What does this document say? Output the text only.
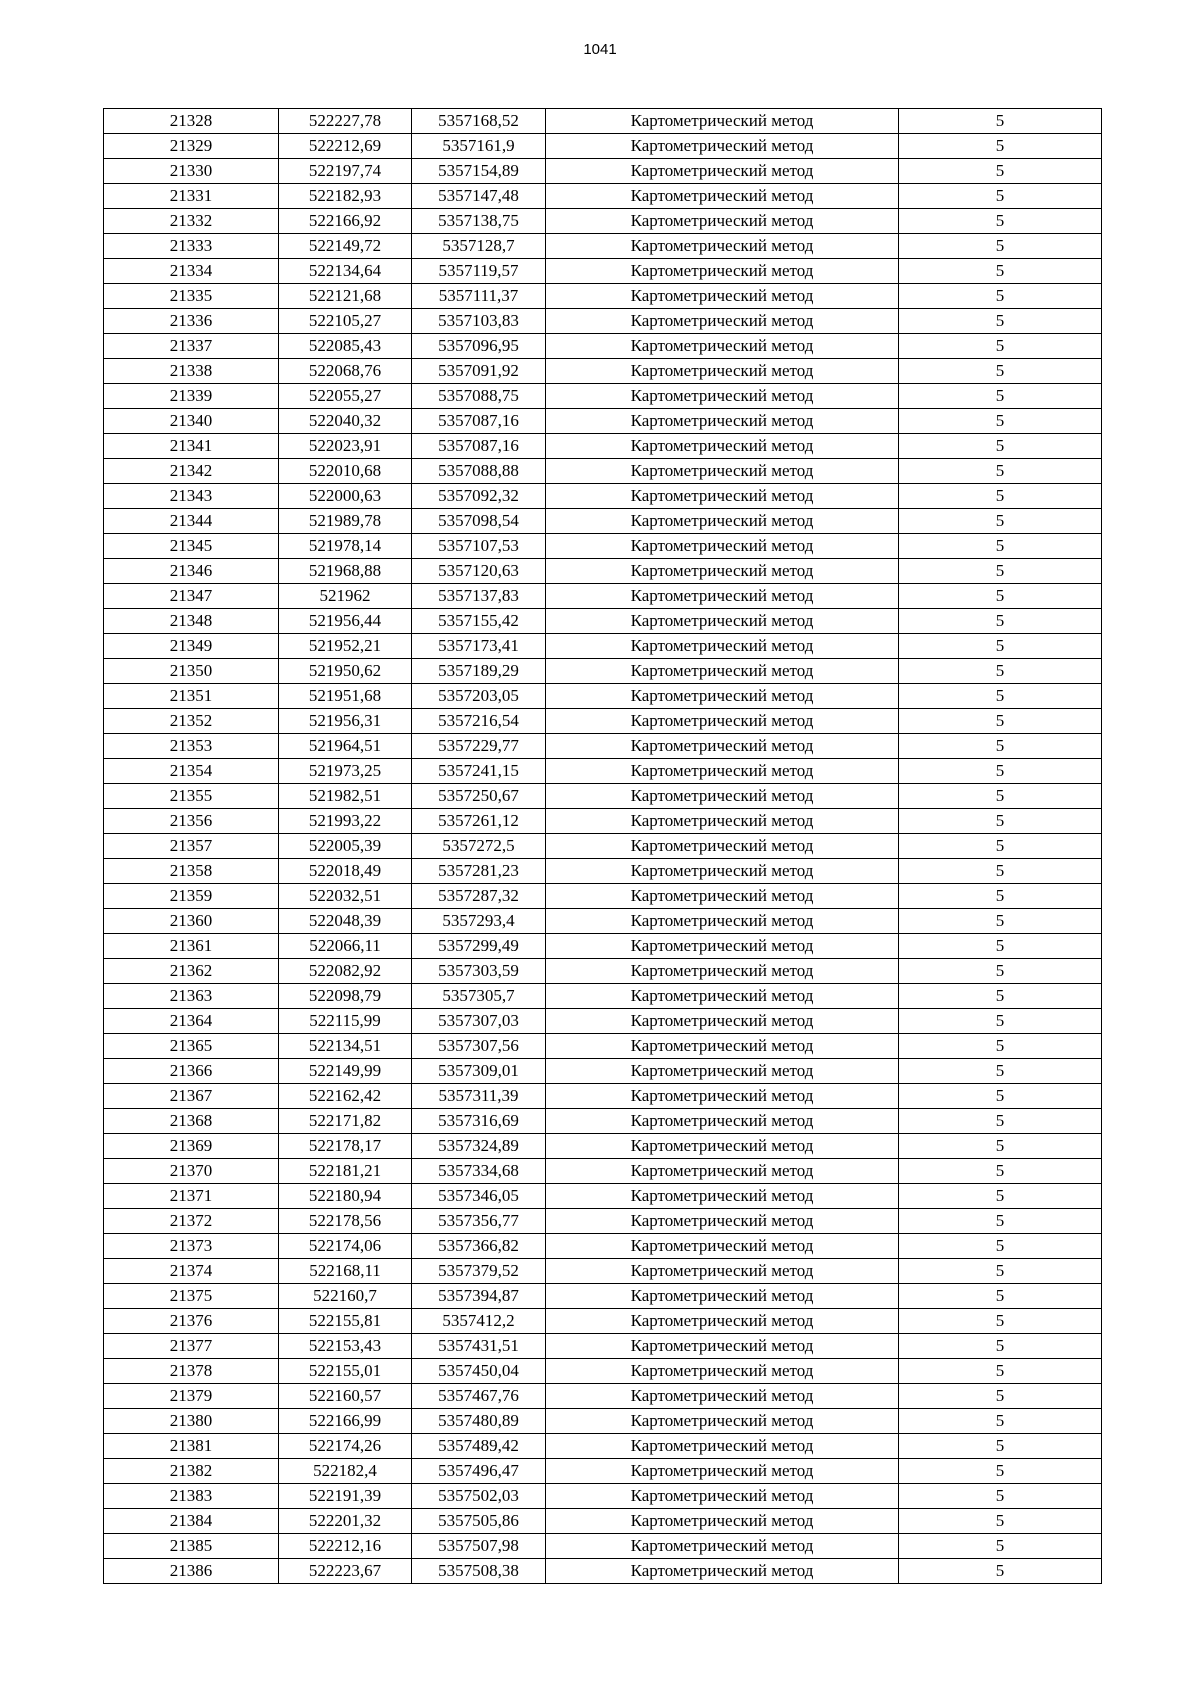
1041
21328	522227,78	5357168,52	Картометрический метод	5
21329	522212,69	5357161,9	Картометрический метод	5
21330	522197,74	5357154,89	Картометрический метод	5
21331	522182,93	5357147,48	Картометрический метод	5
21332	522166,92	5357138,75	Картометрический метод	5
21333	522149,72	5357128,7	Картометрический метод	5
21334	522134,64	5357119,57	Картометрический метод	5
21335	522121,68	5357111,37	Картометрический метод	5
21336	522105,27	5357103,83	Картометрический метод	5
21337	522085,43	5357096,95	Картометрический метод	5
21338	522068,76	5357091,92	Картометрический метод	5
21339	522055,27	5357088,75	Картометрический метод	5
21340	522040,32	5357087,16	Картометрический метод	5
21341	522023,91	5357087,16	Картометрический метод	5
21342	522010,68	5357088,88	Картометрический метод	5
21343	522000,63	5357092,32	Картометрический метод	5
21344	521989,78	5357098,54	Картометрический метод	5
21345	521978,14	5357107,53	Картометрический метод	5
21346	521968,88	5357120,63	Картометрический метод	5
21347	521962	5357137,83	Картометрический метод	5
21348	521956,44	5357155,42	Картометрический метод	5
21349	521952,21	5357173,41	Картометрический метод	5
21350	521950,62	5357189,29	Картометрический метод	5
21351	521951,68	5357203,05	Картометрический метод	5
21352	521956,31	5357216,54	Картометрический метод	5
21353	521964,51	5357229,77	Картометрический метод	5
21354	521973,25	5357241,15	Картометрический метод	5
21355	521982,51	5357250,67	Картометрический метод	5
21356	521993,22	5357261,12	Картометрический метод	5
21357	522005,39	5357272,5	Картометрический метод	5
21358	522018,49	5357281,23	Картометрический метод	5
21359	522032,51	5357287,32	Картометрический метод	5
21360	522048,39	5357293,4	Картометрический метод	5
21361	522066,11	5357299,49	Картометрический метод	5
21362	522082,92	5357303,59	Картометрический метод	5
21363	522098,79	5357305,7	Картометрический метод	5
21364	522115,99	5357307,03	Картометрический метод	5
21365	522134,51	5357307,56	Картометрический метод	5
21366	522149,99	5357309,01	Картометрический метод	5
21367	522162,42	5357311,39	Картометрический метод	5
21368	522171,82	5357316,69	Картометрический метод	5
21369	522178,17	5357324,89	Картометрический метод	5
21370	522181,21	5357334,68	Картометрический метод	5
21371	522180,94	5357346,05	Картометрический метод	5
21372	522178,56	5357356,77	Картометрический метод	5
21373	522174,06	5357366,82	Картометрический метод	5
21374	522168,11	5357379,52	Картометрический метод	5
21375	522160,7	5357394,87	Картометрический метод	5
21376	522155,81	5357412,2	Картометрический метод	5
21377	522153,43	5357431,51	Картометрический метод	5
21378	522155,01	5357450,04	Картометрический метод	5
21379	522160,57	5357467,76	Картометрический метод	5
21380	522166,99	5357480,89	Картометрический метод	5
21381	522174,26	5357489,42	Картометрический метод	5
21382	522182,4	5357496,47	Картометрический метод	5
21383	522191,39	5357502,03	Картометрический метод	5
21384	522201,32	5357505,86	Картометрический метод	5
21385	522212,16	5357507,98	Картометрический метод	5
21386	522223,67	5357508,38	Картометрический метод	5
